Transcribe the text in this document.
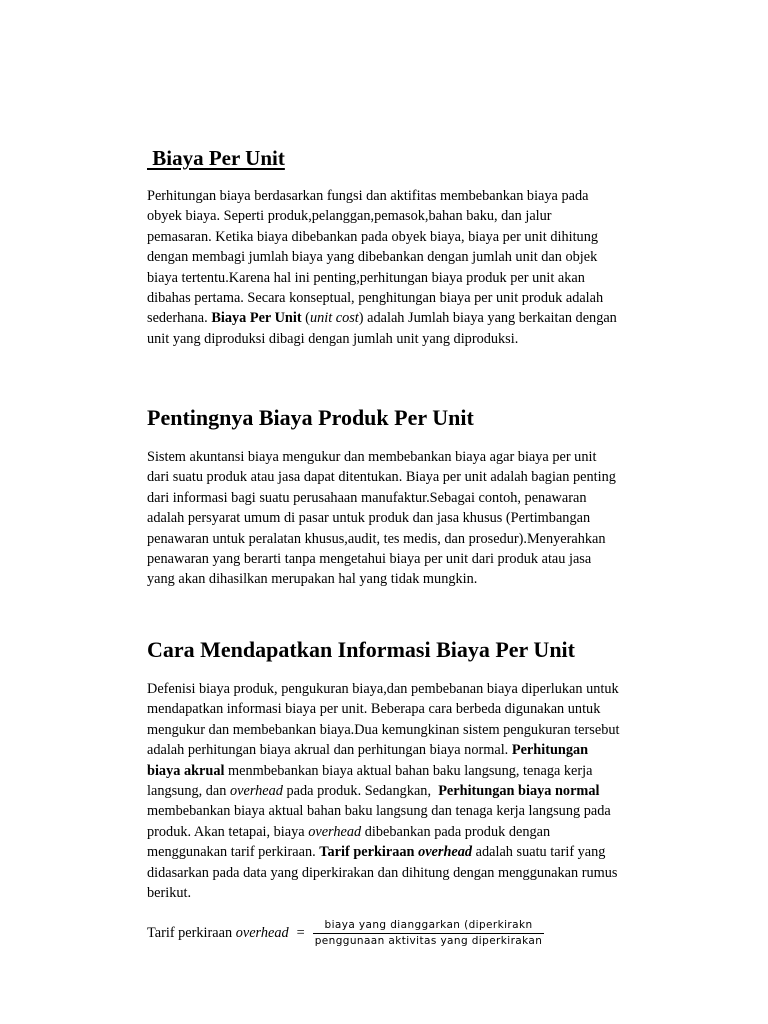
Biaya Per Unit
Perhitungan biaya berdasarkan fungsi dan aktifitas membebankan biaya pada
obyek biaya. Seperti produk,pelanggan,pemasok,bahan baku, dan jalur
pemasaran. Ketika biaya dibebankan pada obyek biaya, biaya per unit dihitung
dengan membagi jumlah biaya yang dibebankan dengan jumlah unit dan objek
biaya tertentu.Karena hal ini penting,perhitungan biaya produk per unit akan
dibahas pertama. Secara konseptual, penghitungan biaya per unit produk adalah
sederhana. Biaya Per Unit (unit cost) adalah Jumlah biaya yang berkaitan dengan
unit yang diproduksi dibagi dengan jumlah unit yang diproduksi.
Pentingnya Biaya Produk Per Unit
Sistem akuntansi biaya mengukur dan membebankan biaya agar biaya per unit
dari suatu produk atau jasa dapat ditentukan. Biaya per unit adalah bagian penting
dari informasi bagi suatu perusahaan manufaktur.Sebagai contoh, penawaran
adalah persyarat umum di pasar untuk produk dan jasa khusus (Pertimbangan
penawaran untuk peralatan khusus,audit, tes medis, dan prosedur).Menyerahkan
penawaran yang berarti tanpa mengetahui biaya per unit dari produk atau jasa
yang akan dihasilkan merupakan hal yang tidak mungkin.
Cara Mendapatkan Informasi Biaya Per Unit
Defenisi biaya produk, pengukuran biaya,dan pembebanan biaya diperlukan untuk
mendapatkan informasi biaya per unit. Beberapa cara berbeda digunakan untuk
mengukur dan membebankan biaya.Dua kemungkinan sistem pengukuran tersebut
adalah perhitungan biaya akrual dan perhitungan biaya normal. Perhitungan
biaya akrual menmbebankan biaya aktual bahan baku langsung, tenaga kerja
langsung, dan overhead pada produk. Sedangkan,  Perhitungan biaya normal
membebankan biaya aktual bahan baku langsung dan tenaga kerja langsung pada
produk. Akan tetapai, biaya overhead dibebankan pada produk dengan
menggunakan tarif perkiraan. Tarif perkiraan overhead adalah suatu tarif yang
didasarkan pada data yang diperkirakan dan dihitung dengan menggunakan rumus
berikut.
Tarif perkiraan overhead = $\frac{\text{biaya yang dianggarkan (diperkirakn}}{\text{penggunaan aktivitas yang diperkirakan}}$
